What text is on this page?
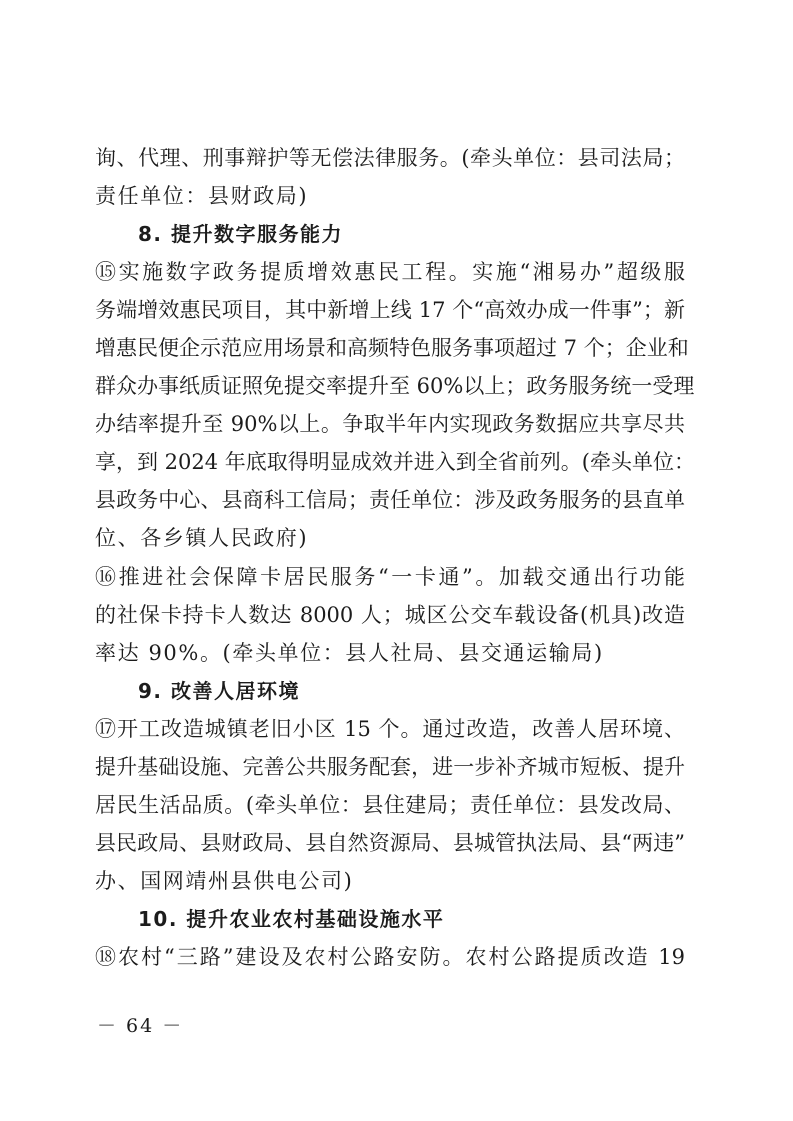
询、代理、刑事辩护等无偿法律服务。(牵头单位：县司法局；
责任单位：县财政局)
8. 提升数字服务能力
⑮实施数字政务提质增效惠民工程。实施“湘易办”超级服
务端增效惠民项目，其中新增上线 17 个“高效办成一件事”；新
增惠民便企示范应用场景和高频特色服务事项超过 7 个；企业和
群众办事纸质证照免提交率提升至 60%以上；政务服务统一受理
办结率提升至 90%以上。争取半年内实现政务数据应共享尽共
享，到 2024 年底取得明显成效并进入到全省前列。(牵头单位：
县政务中心、县商科工信局；责任单位：涉及政务服务的县直单
位、各乡镇人民政府)
⑯推进社会保障卡居民服务“一卡通”。加载交通出行功能
的社保卡持卡人数达 8000 人；城区公交车载设备(机具)改造
率达 90%。(牵头单位：县人社局、县交通运输局)
9. 改善人居环境
⑰开工改造城镇老旧小区 15 个。通过改造，改善人居环境、
提升基础设施、完善公共服务配套，进一步补齐城市短板、提升
居民生活品质。(牵头单位：县住建局；责任单位：县发改局、
县民政局、县财政局、县自然资源局、县城管执法局、县“两违”
办、国网靖州县供电公司)
10. 提升农业农村基础设施水平
⑱农村“三路”建设及农村公路安防。农村公路提质改造 19
－ 64 －
